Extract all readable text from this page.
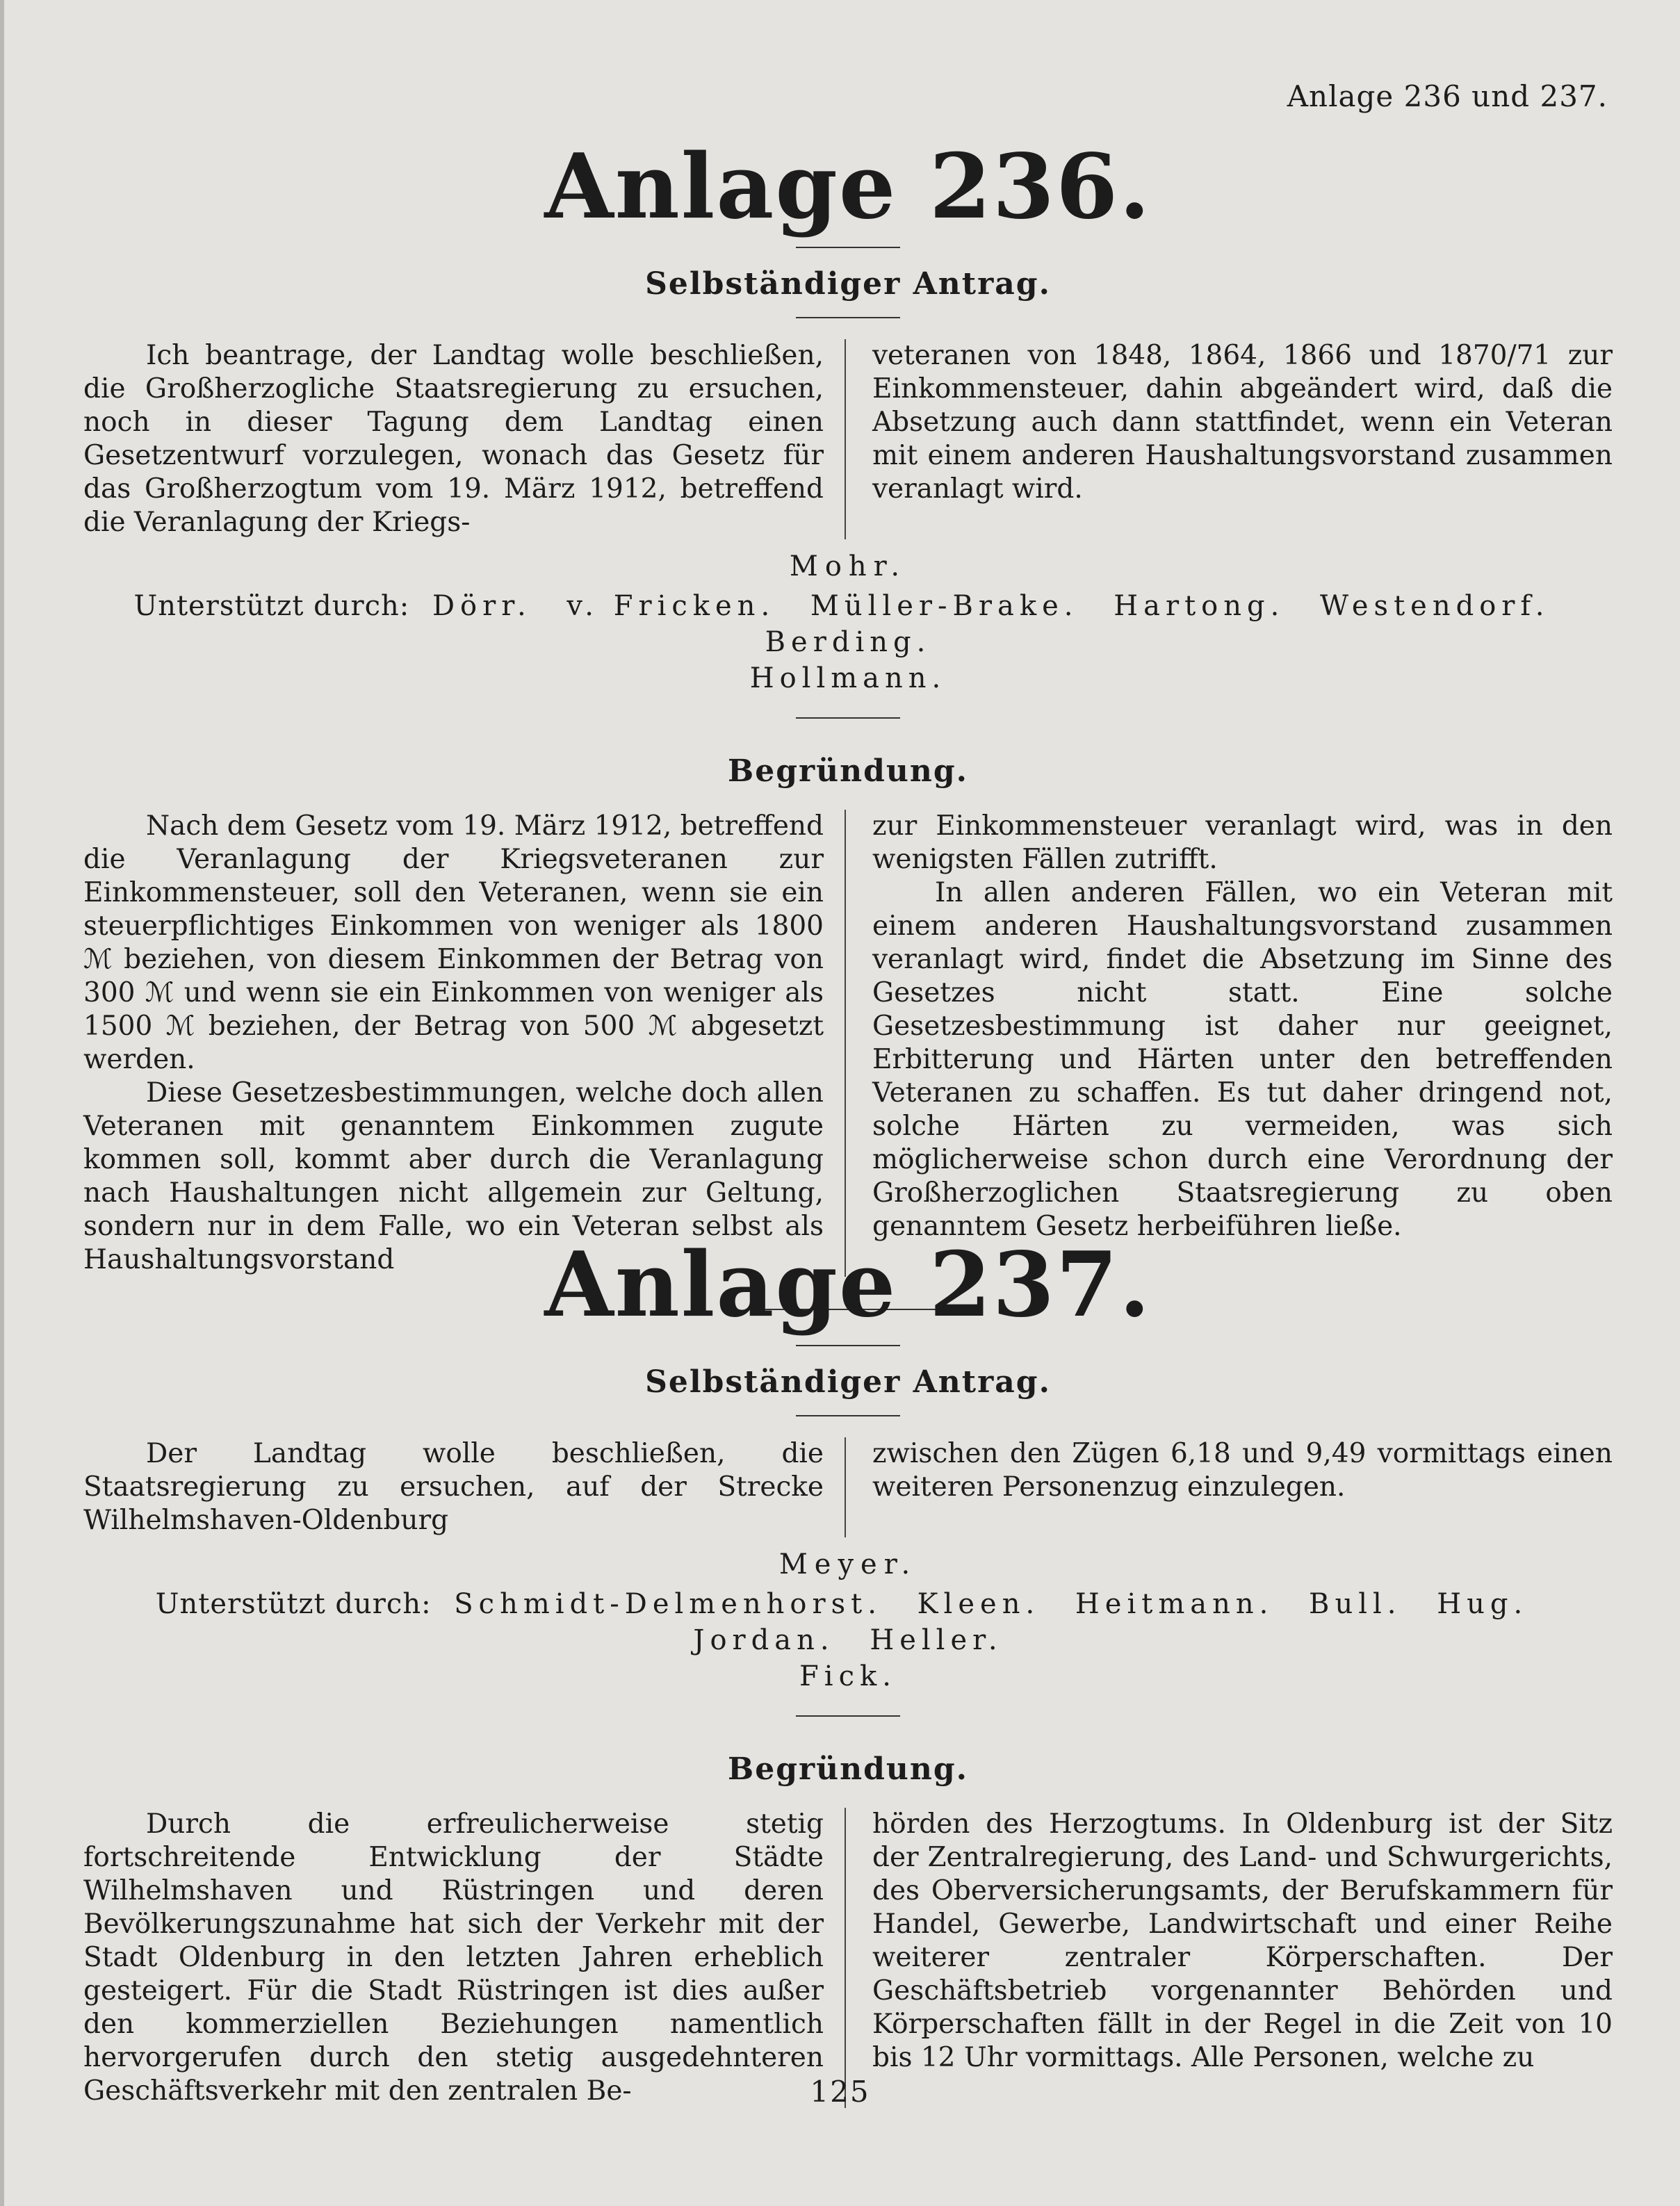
Anlage 236 und 237.
Anlage 236.
Selbständiger Antrag.

Ich beantrage, der Landtag wolle beschließen, die Großherzogliche Staatsregierung zu ersuchen, noch in dieser Tagung dem Landtag einen Gesetzentwurf vorzulegen, wonach das Gesetz für das Großherzogtum vom 19. März 1912, betreffend die Veranlagung der Kriegs-

veteranen von 1848, 1864, 1866 und 1870/71 zur Einkommensteuer, dahin abgeändert wird, daß die Absetzung auch dann stattfindet, wenn ein Veteran mit einem anderen Haushaltungsvorstand zusammen veranlagt wird.

Mohr.
Unterstützt durch: Dörr. v. Fricken. Müller-Brake. Hartong. Westendorf. Berding.
Hollmann.
Begründung.

Nach dem Gesetz vom 19. März 1912, betreffend die Veranlagung der Kriegsveteranen zur Einkommensteuer, soll den Veteranen, wenn sie ein steuerpflichtiges Einkommen von weniger als 1800 ℳ beziehen, von diesem Einkommen der Betrag von 300 ℳ und wenn sie ein Einkommen von weniger als 1500 ℳ beziehen, der Betrag von 500 ℳ abgesetzt werden.

Diese Gesetzesbestimmungen, welche doch allen Veteranen mit genanntem Einkommen zugute kommen soll, kommt aber durch die Veranlagung nach Haushaltungen nicht allgemein zur Geltung, sondern nur in dem Falle, wo ein Veteran selbst als Haushaltungsvorstand

zur Einkommensteuer veranlagt wird, was in den wenigsten Fällen zutrifft.

In allen anderen Fällen, wo ein Veteran mit einem anderen Haushaltungsvorstand zusammen veranlagt wird, findet die Absetzung im Sinne des Gesetzes nicht statt. Eine solche Gesetzesbestimmung ist daher nur geeignet, Erbitterung und Härten unter den betreffenden Veteranen zu schaffen. Es tut daher dringend not, solche Härten zu vermeiden, was sich möglicherweise schon durch eine Verordnung der Großherzoglichen Staatsregierung zu oben genanntem Gesetz herbeiführen ließe.

Anlage 237.
Selbständiger Antrag.

Der Landtag wolle beschließen, die Staatsregierung zu ersuchen, auf der Strecke Wilhelmshaven-Oldenburg

zwischen den Zügen 6,18 und 9,49 vormittags einen weiteren Personenzug einzulegen.

Meyer.
Unterstützt durch: Schmidt-Delmenhorst. Kleen. Heitmann. Bull. Hug. Jordan. Heller.
Fick.
Begründung.

Durch die erfreulicherweise stetig fortschreitende Entwicklung der Städte Wilhelmshaven und Rüstringen und deren Bevölkerungszunahme hat sich der Verkehr mit der Stadt Oldenburg in den letzten Jahren erheblich gesteigert. Für die Stadt Rüstringen ist dies außer den kommerziellen Beziehungen namentlich hervorgerufen durch den stetig ausgedehnteren Geschäftsverkehr mit den zentralen Be-

hörden des Herzogtums. In Oldenburg ist der Sitz der Zentralregierung, des Land- und Schwurgerichts, des Oberversicherungsamts, der Berufskammern für Handel, Gewerbe, Landwirtschaft und einer Reihe weiterer zentraler Körperschaften. Der Geschäftsbetrieb vorgenannter Behörden und Körperschaften fällt in der Regel in die Zeit von 10 bis 12 Uhr vormittags. Alle Personen, welche zu

125
